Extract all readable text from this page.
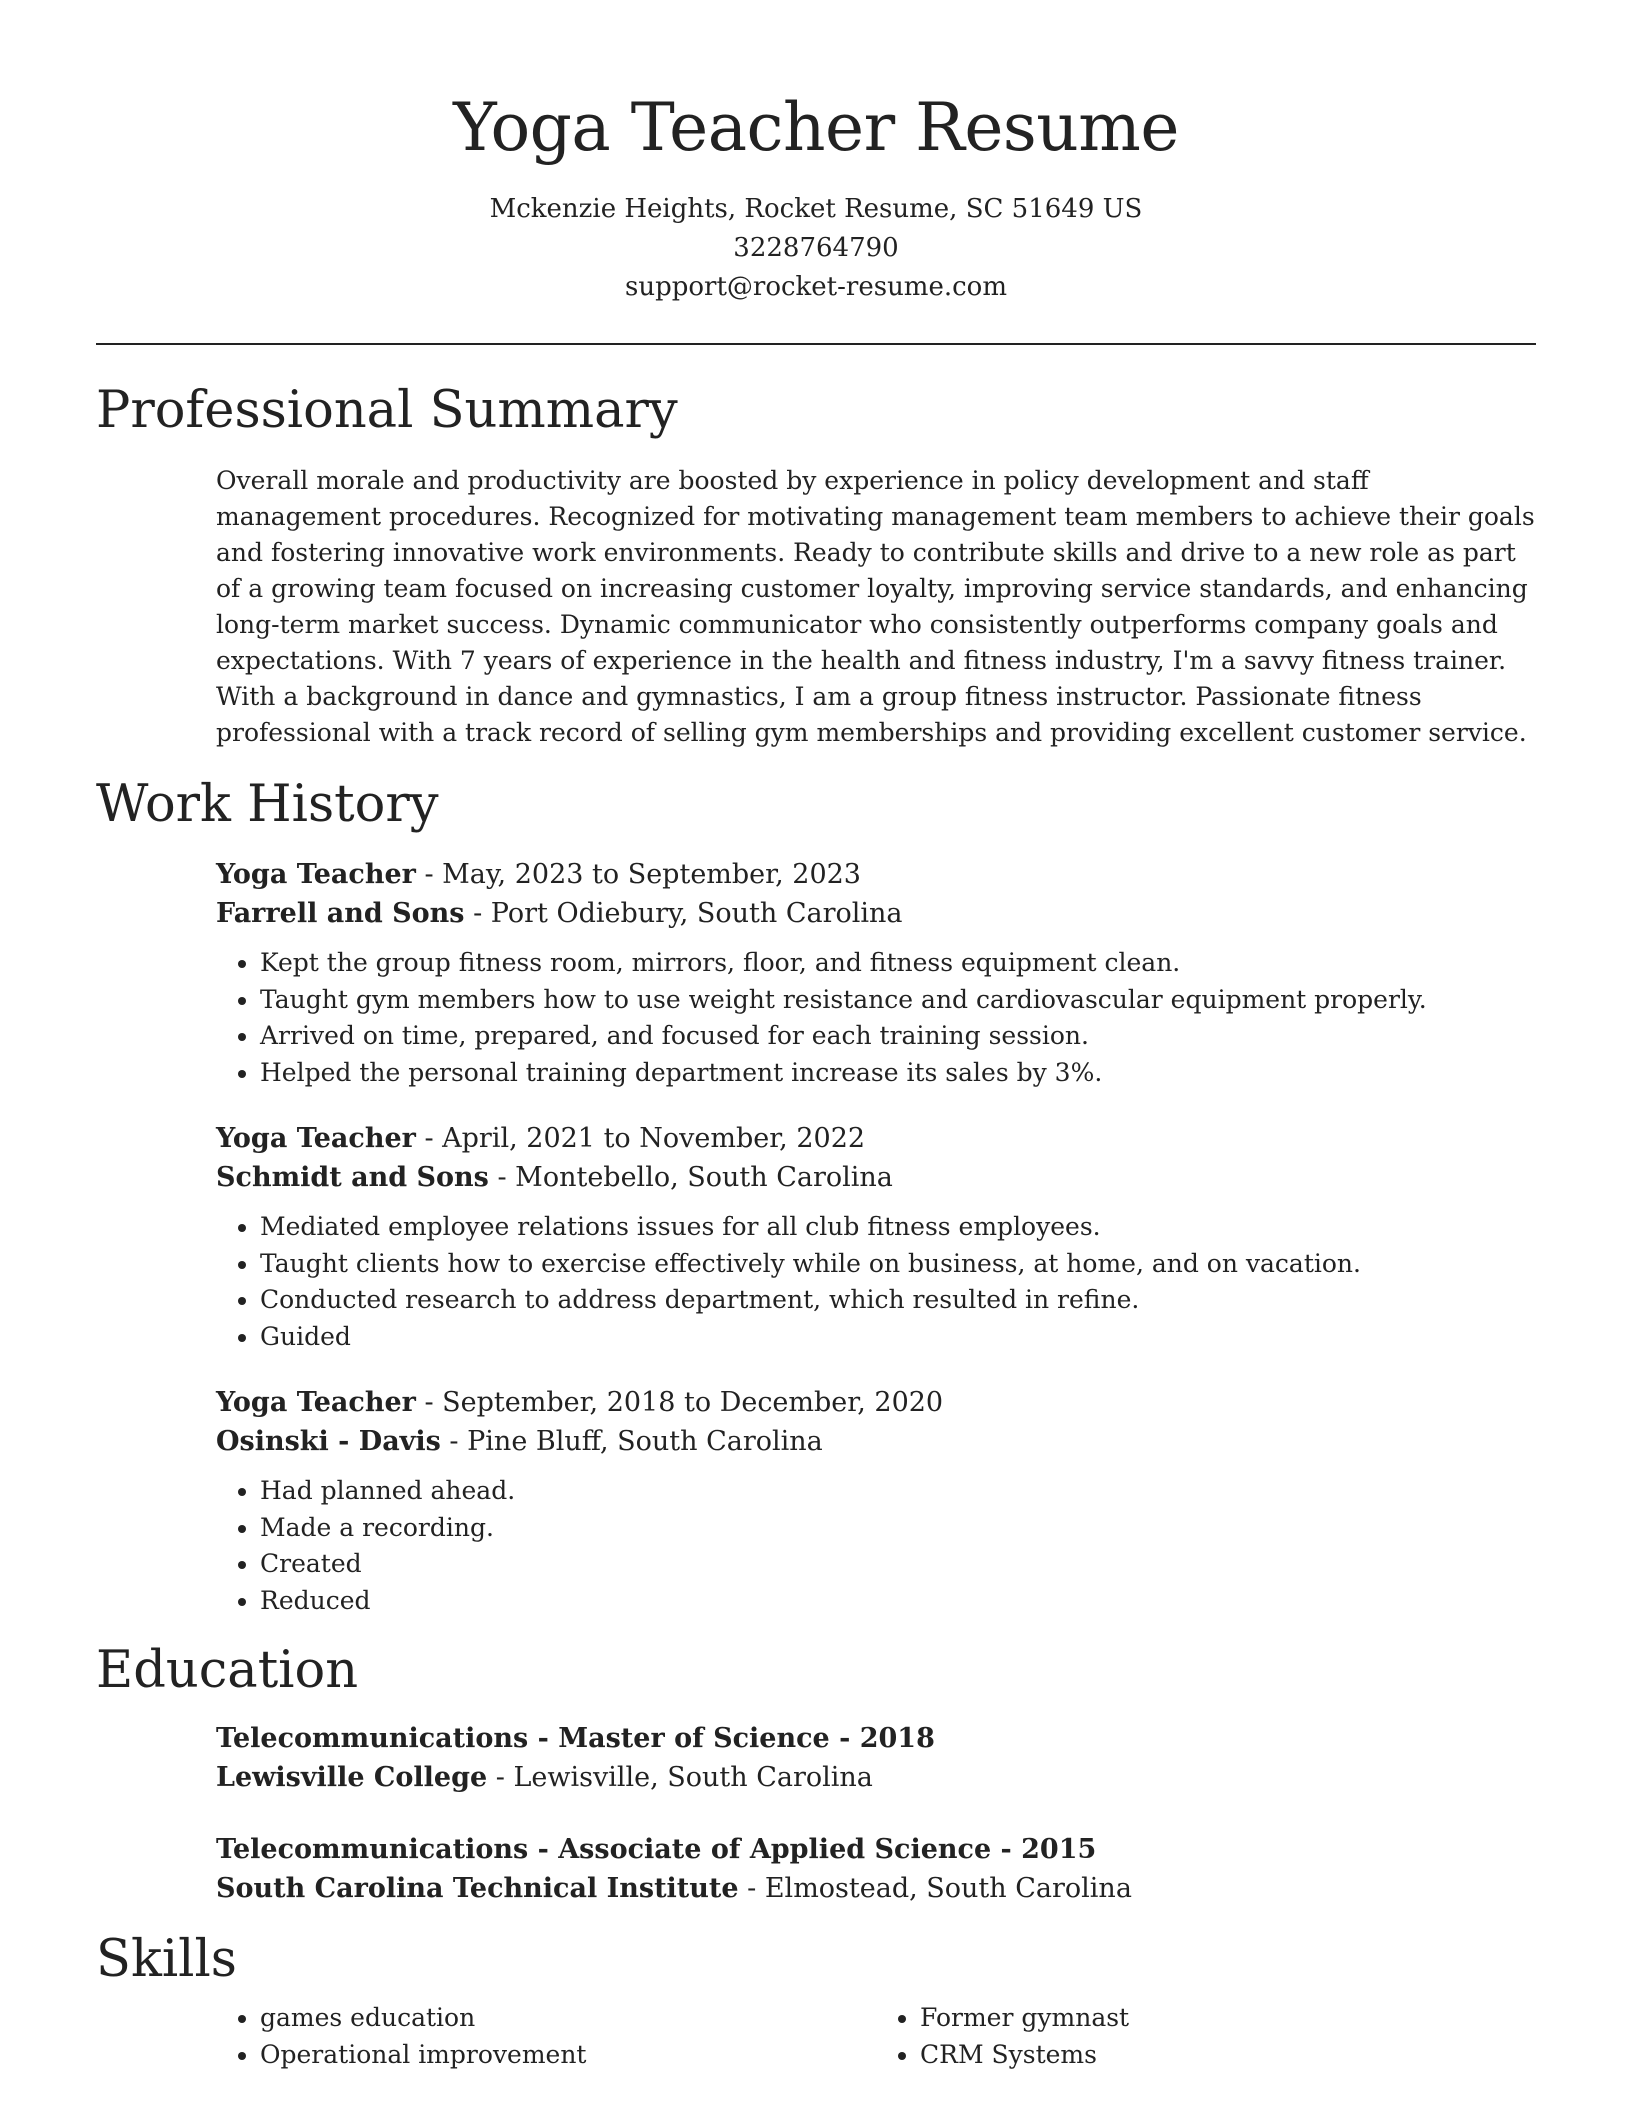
Yoga Teacher Resume
Mckenzie Heights, Rocket Resume, SC 51649 US
3228764790
support@rocket-resume.com
Professional Summary

Overall morale and productivity are boosted by experience in policy development and staff management procedures. Recognized for motivating management team members to achieve their goals and fostering innovative work environments. Ready to contribute skills and drive to a new role as part of a growing team focused on increasing customer loyalty, improving service standards, and enhancing long-term market success. Dynamic communicator who consistently outperforms company goals and expectations. With 7 years of experience in the health and fitness industry, I'm a savvy fitness trainer. With a background in dance and gymnastics, I am a group fitness instructor. Passionate fitness professional with a track record of selling gym memberships and providing excellent customer service.

Work History
Yoga Teacher - May, 2023 to September, 2023
Farrell and Sons - Port Odiebury, South Carolina
• Kept the group fitness room, mirrors, floor, and fitness equipment clean.
• Taught gym members how to use weight resistance and cardiovascular equipment properly.
• Arrived on time, prepared, and focused for each training session.
• Helped the personal training department increase its sales by 3%.
Yoga Teacher - April, 2021 to November, 2022
Schmidt and Sons - Montebello, South Carolina
• Mediated employee relations issues for all club fitness employees.
• Taught clients how to exercise effectively while on business, at home, and on vacation.
• Conducted research to address department, which resulted in refine.
• Guided
Yoga Teacher - September, 2018 to December, 2020
Osinski - Davis - Pine Bluff, South Carolina
• Had planned ahead.
• Made a recording.
• Created
• Reduced
Education
Telecommunications - Master of Science - 2018
Lewisville College - Lewisville, South Carolina
Telecommunications - Associate of Applied Science - 2015
South Carolina Technical Institute - Elmostead, South Carolina
Skills
• games education
• Operational improvement
• Former gymnast
• CRM Systems
